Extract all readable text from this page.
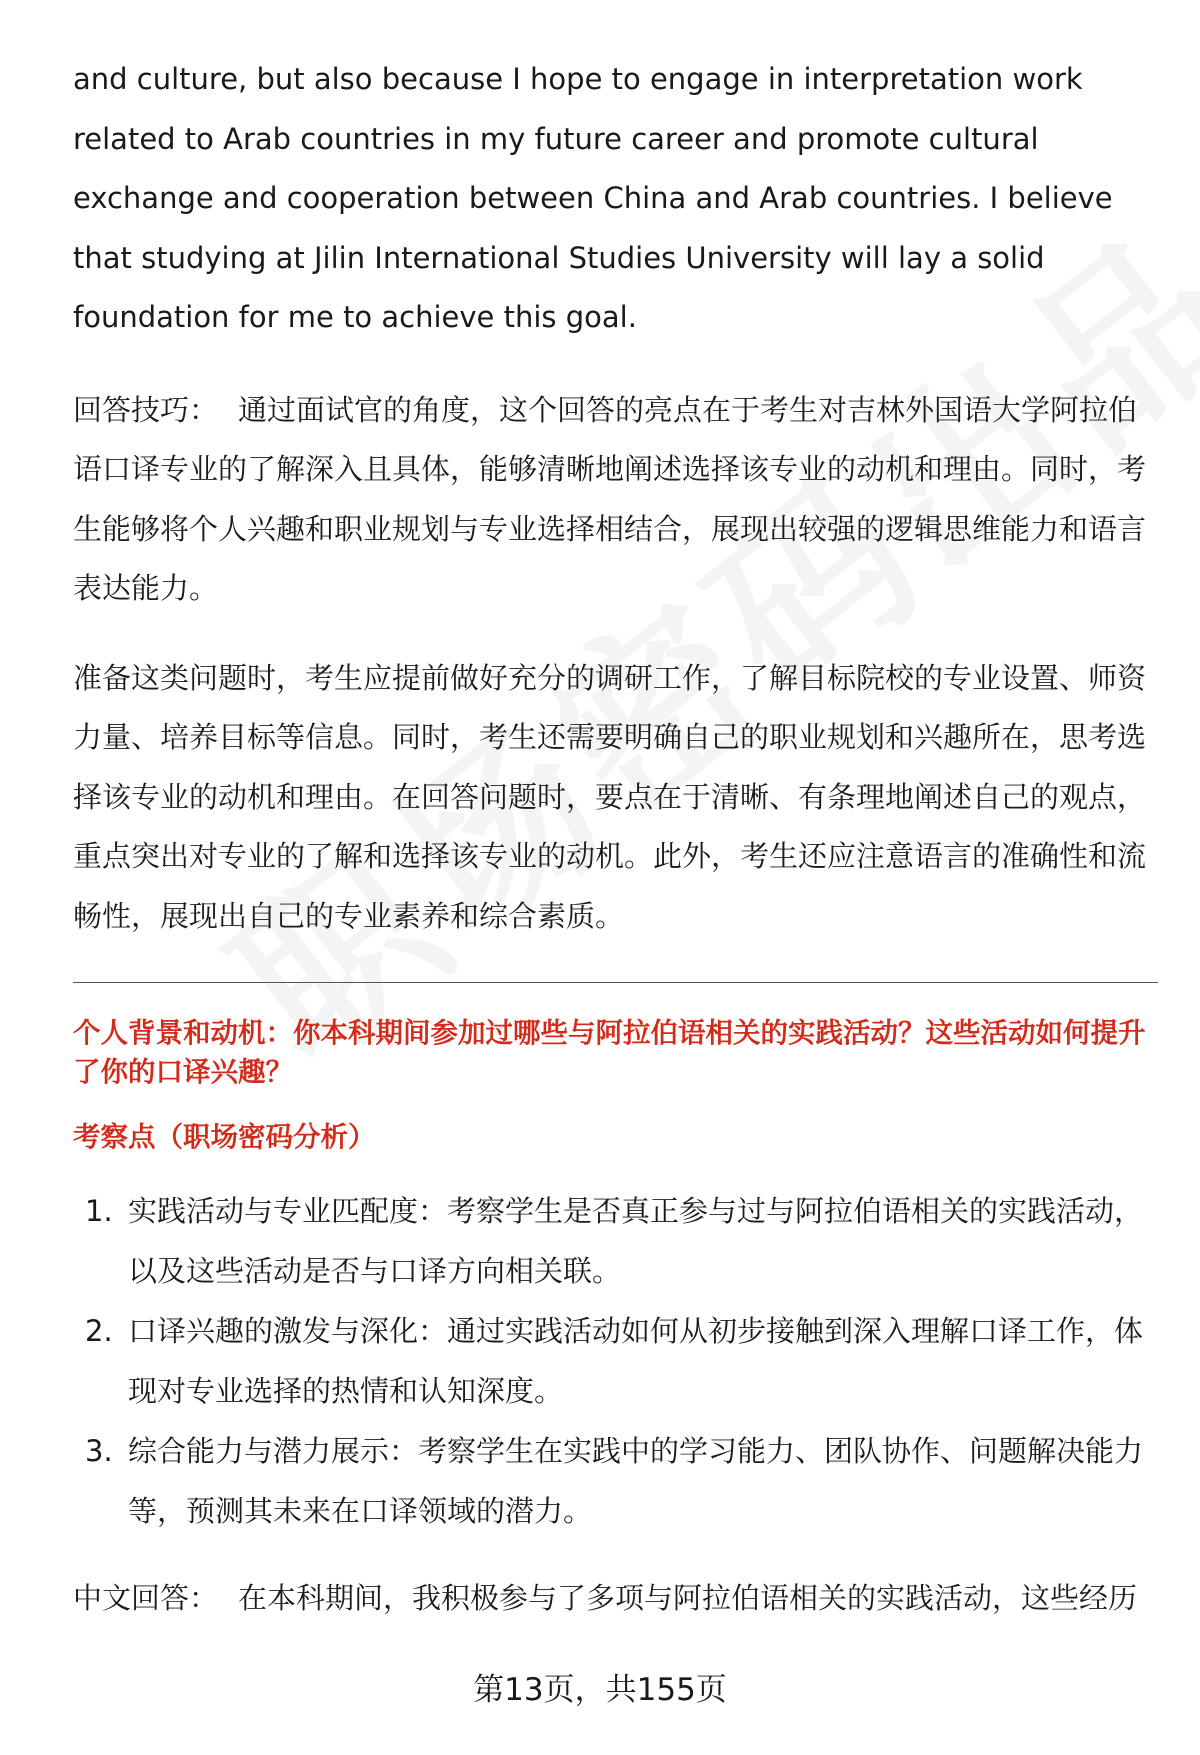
and culture, but also because I hope to engage in interpretation work related to Arab countries in my future career and promote cultural exchange and cooperation between China and Arab countries. I believe that studying at Jilin International Studies University will lay a solid foundation for me to achieve this goal.

回答技巧： 通过面试官的角度，这个回答的亮点在于考生对吉林外国语大学阿拉伯语口译专业的了解深入且具体，能够清晰地阐述选择该专业的动机和理由。同时，考生能够将个人兴趣和职业规划与专业选择相结合，展现出较强的逻辑思维能力和语言表达能力。

准备这类问题时，考生应提前做好充分的调研工作，了解目标院校的专业设置、师资力量、培养目标等信息。同时，考生还需要明确自己的职业规划和兴趣所在，思考选择该专业的动机和理由。在回答问题时，要点在于清晰、有条理地阐述自己的观点，重点突出对专业的了解和选择该专业的动机。此外，考生还应注意语言的准确性和流畅性，展现出自己的专业素养和综合素质。

个人背景和动机：你本科期间参加过哪些与阿拉伯语相关的实践活动？这些活动如何提升了你的口译兴趣？

考察点（职场密码分析）

1. 实践活动与专业匹配度：考察学生是否真正参与过与阿拉伯语相关的实践活动，以及这些活动是否与口译方向相关联。
2. 口译兴趣的激发与深化：通过实践活动如何从初步接触到深入理解口译工作，体现对专业选择的热情和认知深度。
3. 综合能力与潜力展示：考察学生在实践中的学习能力、团队协作、问题解决能力等，预测其未来在口译领域的潜力。

中文回答： 在本科期间，我积极参与了多项与阿拉伯语相关的实践活动，这些经历

第13页，共155页
